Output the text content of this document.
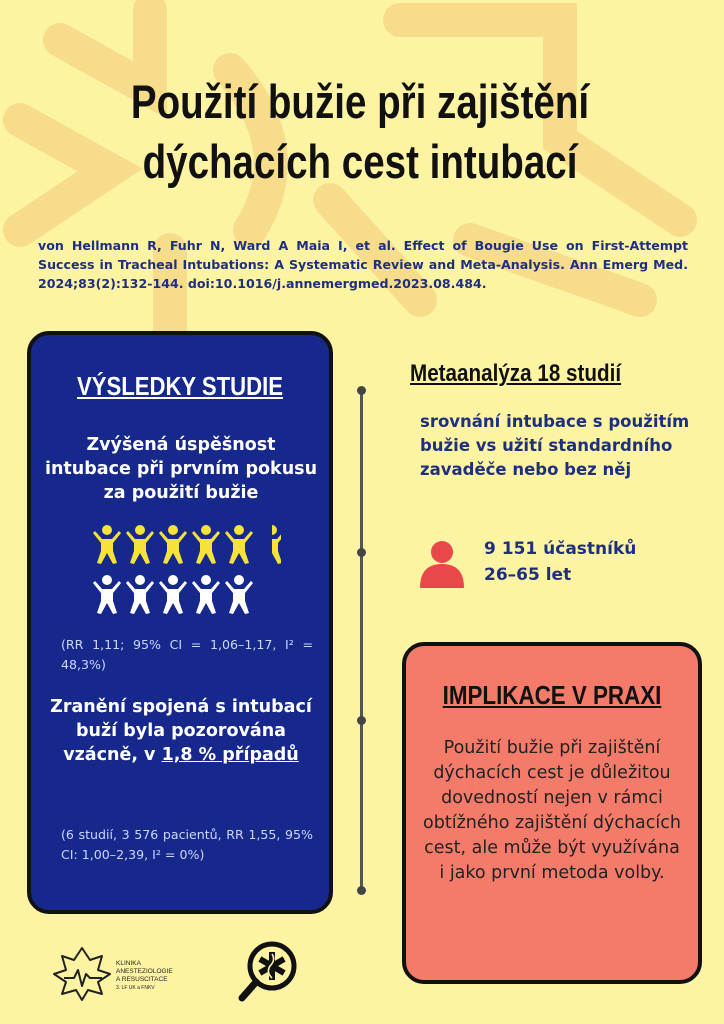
Použití bužie při zajištění
dýchacích cest intubací

von Hellmann R, Fuhr N, Ward A Maia I, et al. Effect of Bougie Use on First-Attempt Success in Tracheal Intubations: A Systematic Review and Meta-Analysis. Ann Emerg Med. 2024;83(2):132-144. doi:10.1016/j.annemergmed.2023.08.484.

VÝSLEDKY STUDIE
Zvýšená úspěšnost intubace při prvním pokusu za použití bužie
(RR 1,11; 95% CI = 1,06–1,17, I² = 48,3%)
Zranění spojená s intubací buží byla pozorována vzácně, v 1,8 % případů
(6 studií, 3 576 pacientů, RR 1,55, 95% CI: 1,00–2,39, I² = 0%)
Metaanalýza 18 studií
srovnání intubace s použitím bužie vs užití standardního zavaděče nebo bez něj
9 151 účastníků
26–65 let
IMPLIKACE V PRAXI
Použití bužie při zajištění dýchacích cest je důležitou dovedností nejen v rámci obtížného zajištění dýchacích cest, ale může být využívána i jako první metoda volby.
KLINIKA
ANESTEZIOLOGIE
A RESUSCITACE
3. LF UK a FNKV
